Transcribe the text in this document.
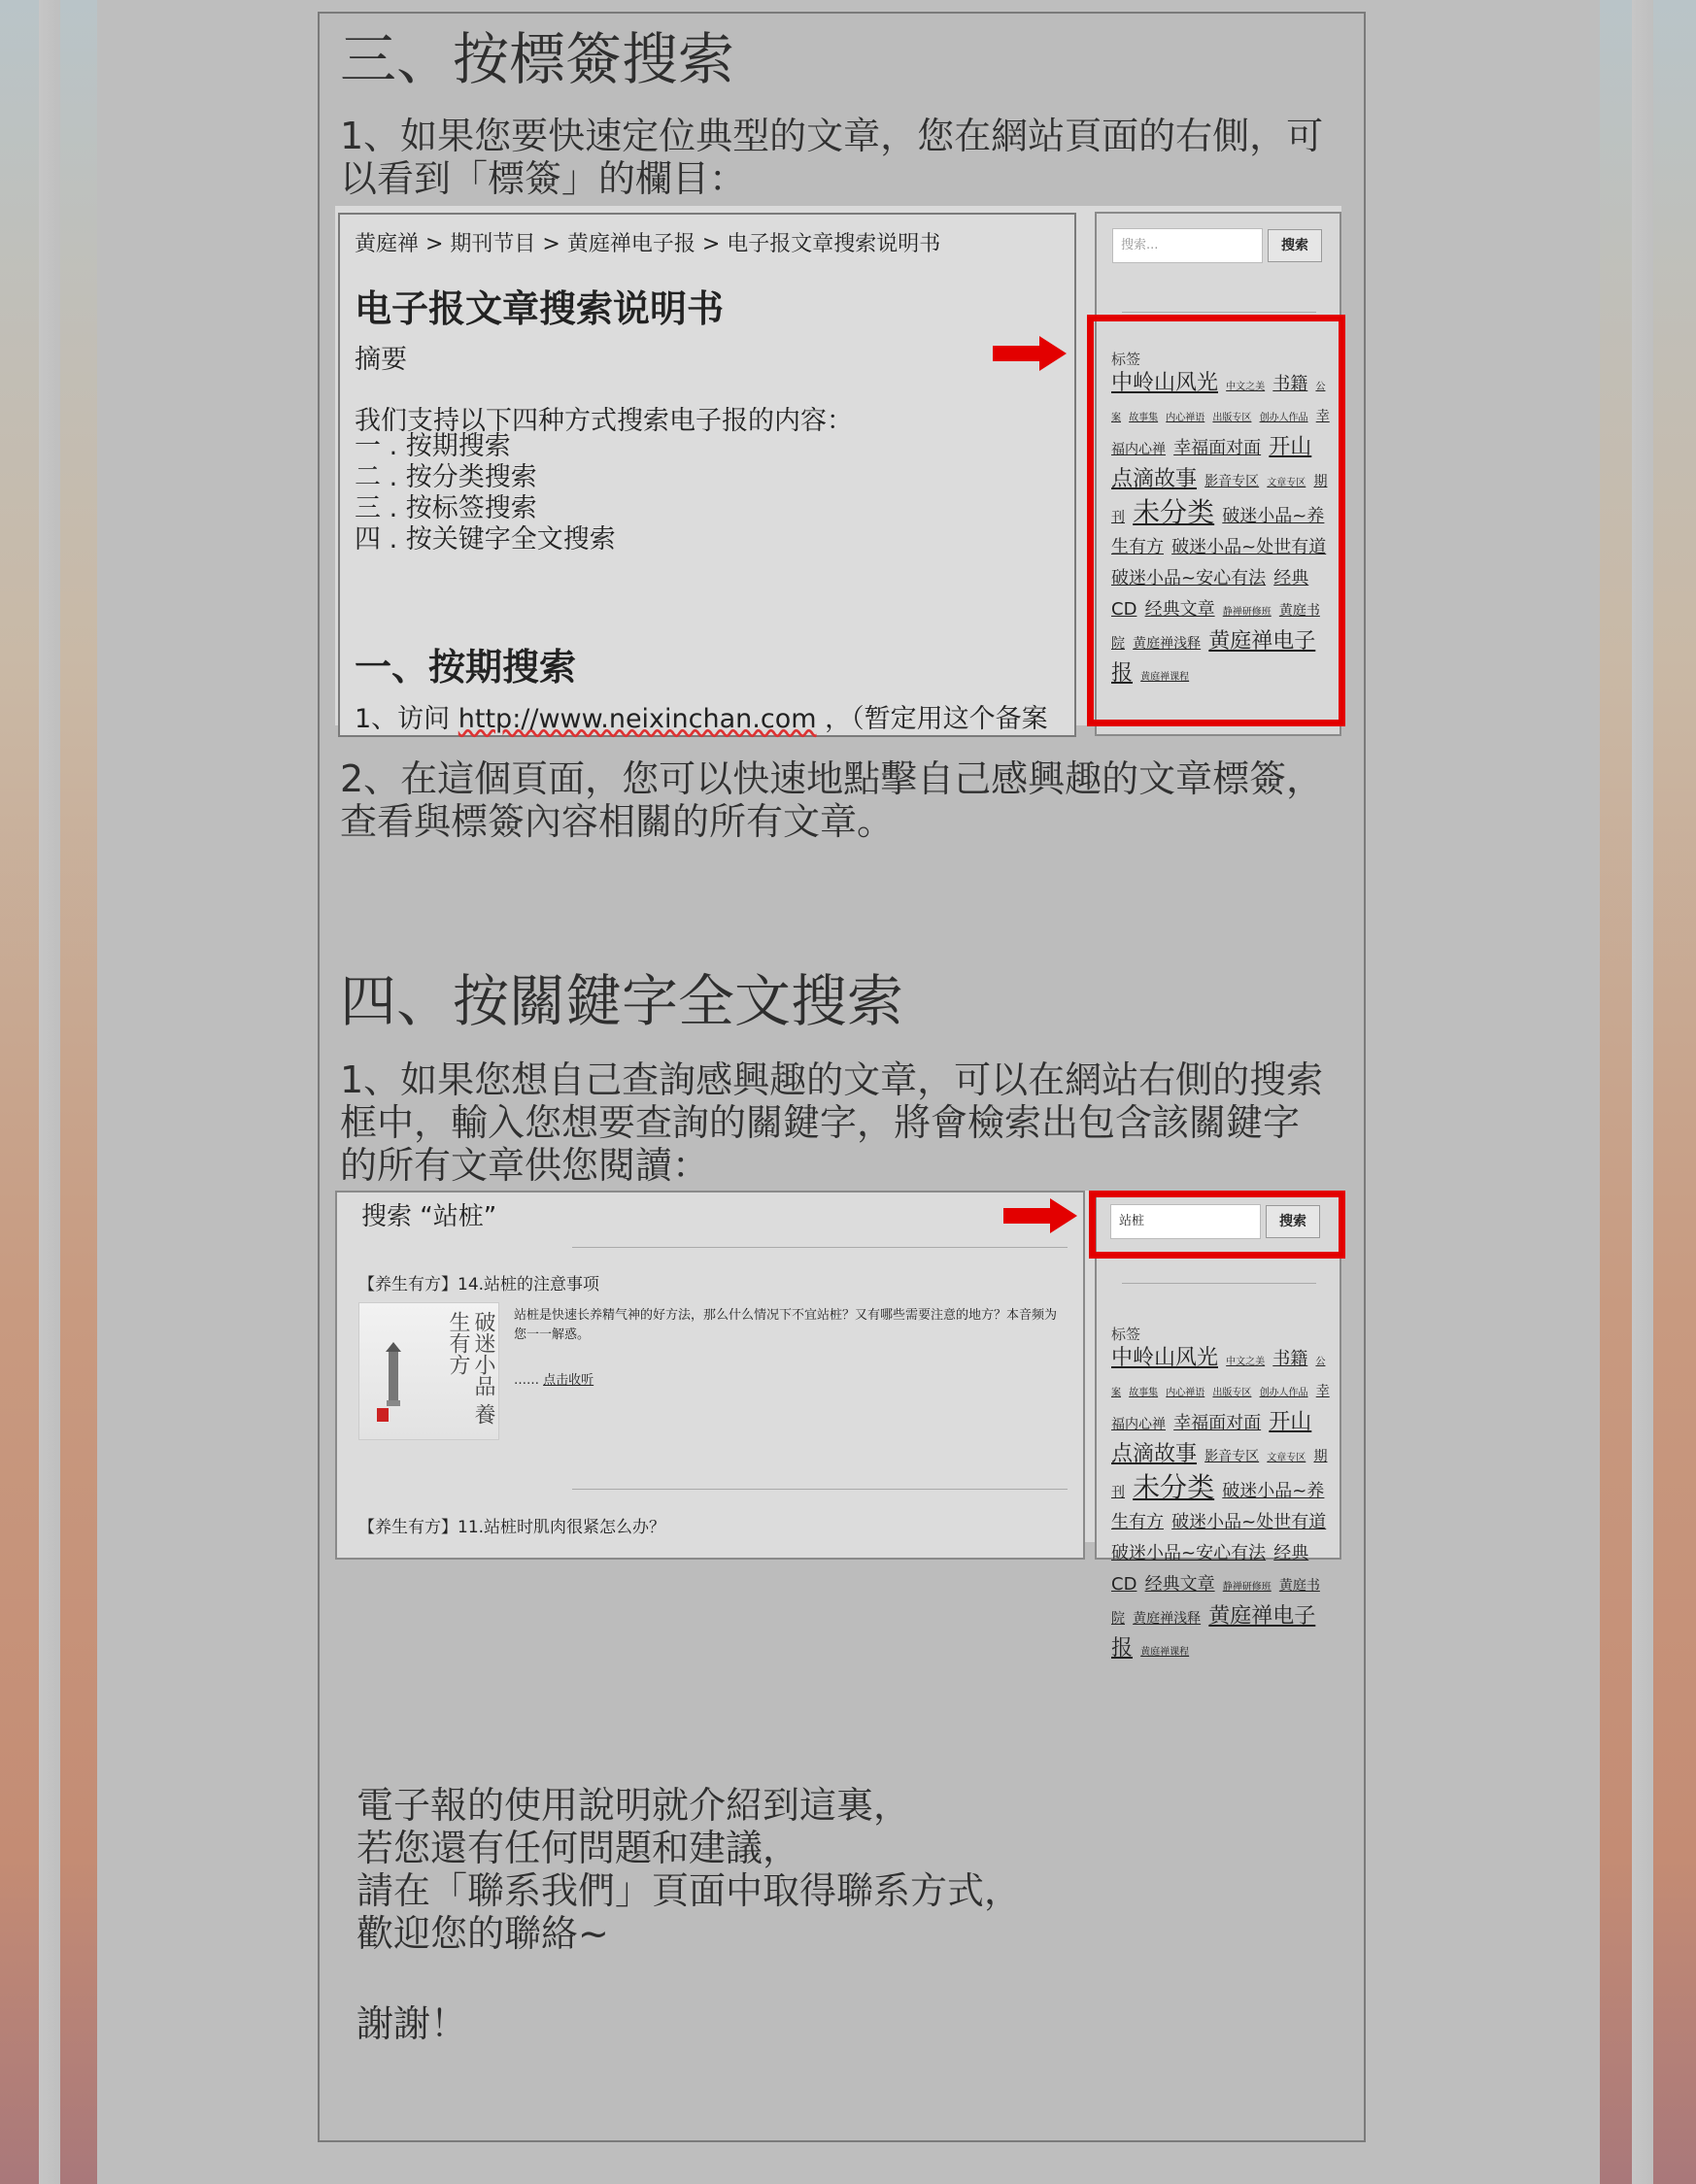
三、按標簽搜索
1、如果您要快速定位典型的文章，您在網站頁面的右側，可
以看到「標簽」的欄目：
黄庭禅 > 期刊节目 > 黄庭禅电子报 > 电子报文章搜索说明书
电子报文章搜索说明书
摘要
我们支持以下四种方式搜索电子报的内容：
一 . 按期搜索
二 . 按分类搜索
三 . 按标签搜索
四 . 按关键字全文搜索
一、按期搜索
1、访问 http://www.neixinchan.com ，（暂定用这个备案
搜索...	搜索
标签
中岭山风光 中文之美 书籍 公案 故事集 内心禅语 出版专区 创办人作品 幸福内心禅 幸福面对面 开山点滴故事 影音专区 文章专区 期刊 未分类 破迷小品~养生有方 破迷小品~处世有道 破迷小品~安心有法 经典CD 经典文章 静禅研修班 黄庭书院 黄庭禅浅释 黄庭禅电子报 黄庭禅课程
2、在這個頁面，您可以快速地點擊自己感興趣的文章標簽，
查看與標簽內容相關的所有文章。
四、按關鍵字全文搜索
1、如果您想自己查詢感興趣的文章，可以在網站右側的搜索
框中，輸入您想要查詢的關鍵字，將會檢索出包含該關鍵字
的所有文章供您閱讀：
搜索 “站桩”
【养生有方】14.站桩的注意事项
破迷小品 養生有方	站桩是快速长养精气神的好方法，那么什么情况下不宜站桩？又有哪些需要注意的地方？本音频为您一一解惑。
…… 点击收听
【养生有方】11.站桩时肌肉很紧怎么办？
站桩	搜索
标签
中岭山风光 中文之美 书籍 公案 故事集 内心禅语 出版专区 创办人作品 幸福内心禅 幸福面对面 开山点滴故事 影音专区 文章专区 期刊 未分类 破迷小品~养生有方 破迷小品~处世有道 破迷小品~安心有法 经典CD 经典文章 静禅研修班 黄庭书院 黄庭禅浅释 黄庭禅电子报 黄庭禅课程
電子報的使用說明就介紹到這裏，
若您還有任何問題和建議，
請在「聯系我們」頁面中取得聯系方式，
歡迎您的聯絡~
謝謝！
